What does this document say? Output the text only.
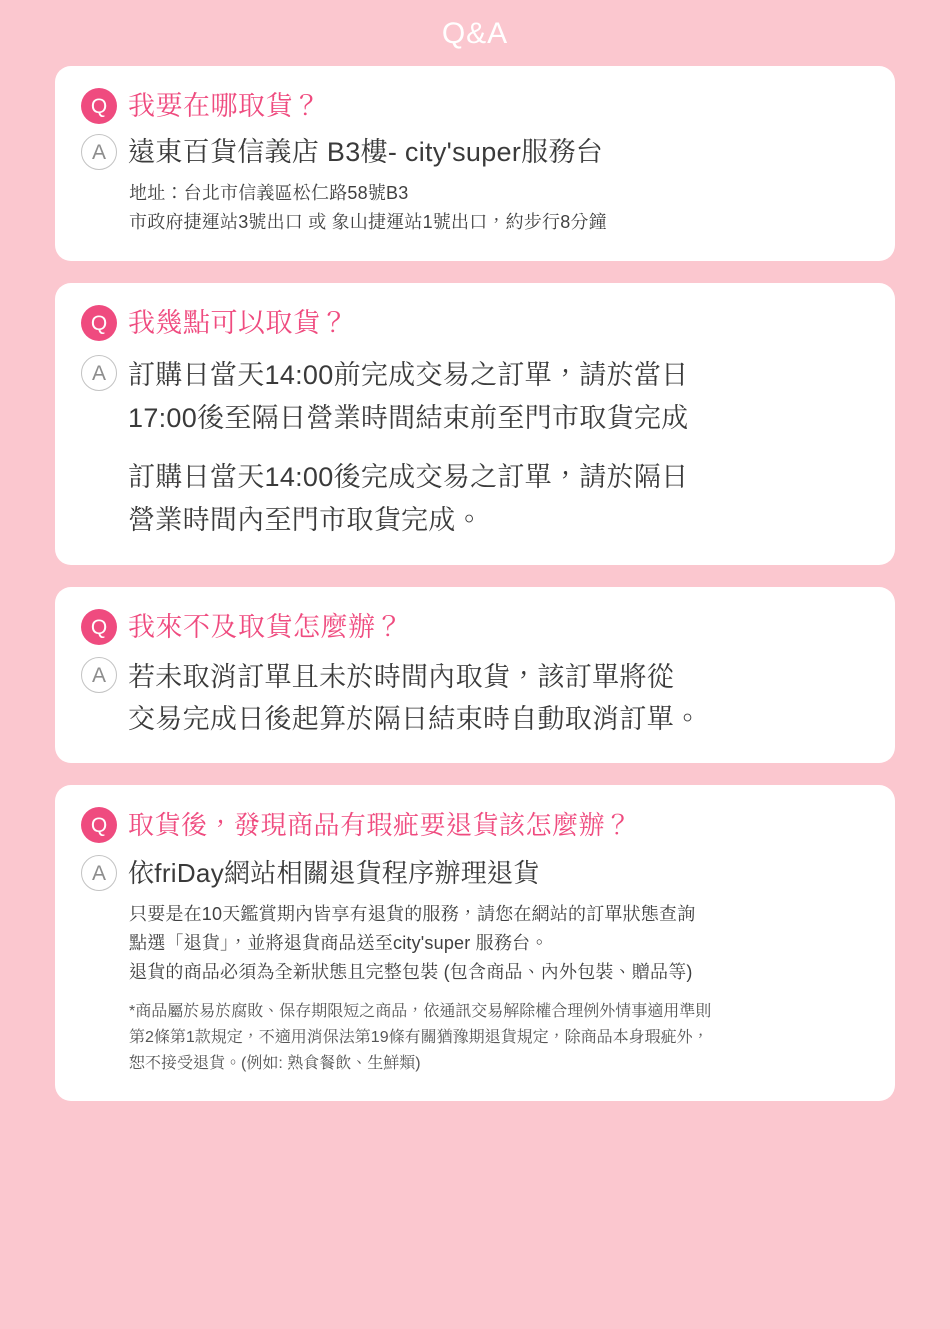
Q&A
Q 我要在哪取貨？
A 遠東百貨信義店 B3樓- city'super服務台
地址：台北市信義區松仁路58號B3
市政府捷運站3號出口 或 象山捷運站1號出口，約步行8分鐘
Q 我幾點可以取貨？
A 訂購日當天14:00前完成交易之訂單，請於當日
17:00後至隔日營業時間結束前至門市取貨完成
訂購日當天14:00後完成交易之訂單，請於隔日
營業時間內至門市取貨完成。
Q 我來不及取貨怎麼辦？
A 若未取消訂單且未於時間內取貨，該訂單將從
交易完成日後起算於隔日結束時自動取消訂單。
Q 取貨後，發現商品有瑕疵要退貨該怎麼辦？
A 依friDay網站相關退貨程序辦理退貨
只要是在10天鑑賞期內皆享有退貨的服務，請您在網站的訂單狀態查詢
點選「退貨」，並將退貨商品送至city'super 服務台。
退貨的商品必須為全新狀態且完整包裝 (包含商品、內外包裝、贈品等)
*商品屬於易於腐敗、保存期限短之商品，依通訊交易解除權合理例外情事適用準則
第2條第1款規定，不適用消保法第19條有關猶豫期退貨規定，除商品本身瑕疵外，
恕不接受退貨。(例如: 熟食餐飲、生鮮類)
